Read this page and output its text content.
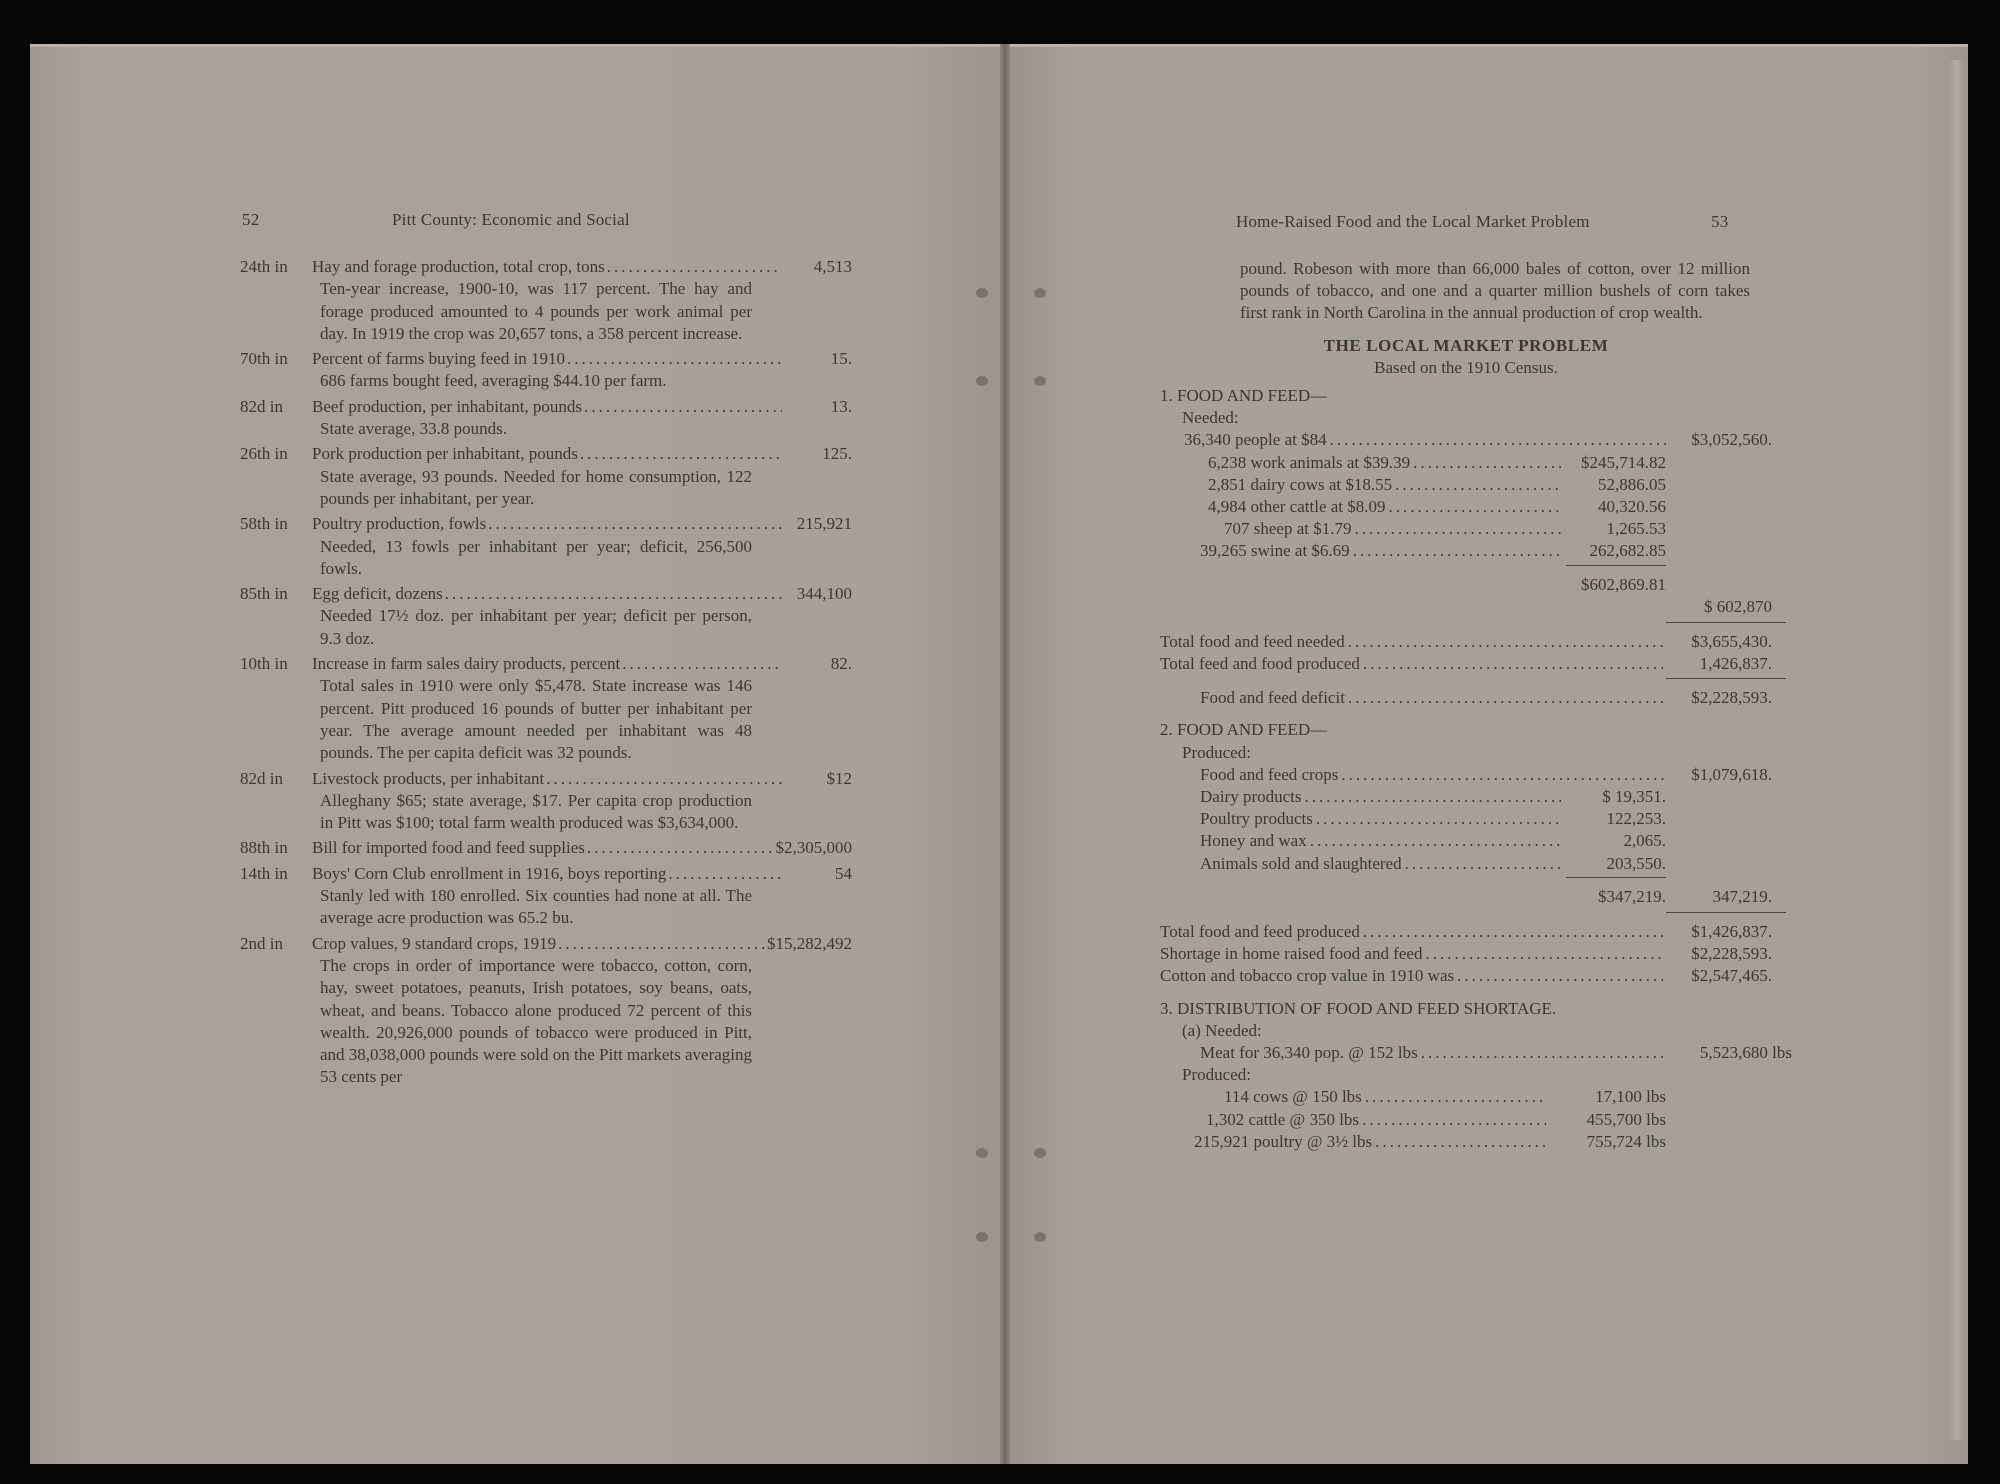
52	Pitt County: Economic and Social
24th in	Hay and forage production, total crop, tons .....	4,513
Ten-year increase, 1900-10, was 117 percent. The hay and forage produced amounted to 4 pounds per work animal per day. In 1919 the crop was 20,657 tons, a 358 percent increase.
70th in	Percent of farms buying feed in 1910 .....	15.
686 farms bought feed, averaging $44.10 per farm.
82d in	Beef production, per inhabitant, pounds .....	13.
State average, 33.8 pounds.
26th in	Pork production per inhabitant, pounds .....	125.
State average, 93 pounds. Needed for home consumption, 122 pounds per inhabitant, per year.
58th in	Poultry production, fowls .....	215,921
Needed, 13 fowls per inhabitant per year; deficit, 256,500 fowls.
85th in	Egg deficit, dozens .....	344,100
Needed 17½ doz. per inhabitant per year; deficit per person, 9.3 doz.
10th in	Increase in farm sales dairy products, percent .....	82.
Total sales in 1910 were only $5,478. State increase was 146 percent. Pitt produced 16 pounds of butter per inhabitant per year. The average amount needed per inhabitant was 48 pounds. The per capita deficit was 32 pounds.
82d in	Livestock products, per inhabitant .....	$12
Alleghany $65; state average, $17. Per capita crop production in Pitt was $100; total farm wealth produced was $3,634,000.
88th in	Bill for imported food and feed supplies .....	$2,305,000
14th in	Boys' Corn Club enrollment in 1916, boys reporting .....	54
Stanly led with 180 enrolled. Six counties had none at all. The average acre production was 65.2 bu.
2nd in	Crop values, 9 standard crops, 1919 .....	$15,282,492
The crops in order of importance were tobacco, cotton, corn, hay, sweet potatoes, peanuts, Irish potatoes, soy beans, oats, wheat, and beans. Tobacco alone produced 72 percent of this wealth. 20,926,000 pounds of tobacco were produced in Pitt, and 38,038,000 pounds were sold on the Pitt markets averaging 53 cents per
Home-Raised Food and the Local Market Problem	53
pound. Robeson with more than 66,000 bales of cotton, over 12 million pounds of tobacco, and one and a quarter million bushels of corn takes first rank in North Carolina in the annual production of crop wealth.
THE LOCAL MARKET PROBLEM
Based on the 1910 Census.
1. FOOD AND FEED—
Needed:
36,340 people at $84 .....	$3,052,560.
6,238 work animals at $39.39 .....	$245,714.82
2,851 dairy cows at $18.55 .....	52,886.05
4,984 other cattle at $8.09 .....	40,320.56
707 sheep at $1.79 .....	1,265.53
39,265 swine at $6.69 .....	262,682.85
$602,869.81
$ 602,870
Total food and feed needed .....	$3,655,430.
Total feed and food produced .....	1,426,837.
Food and feed deficit .....	$2,228,593.
2. FOOD AND FEED—
Produced:
Food and feed crops .....	$1,079,618.
Dairy products .....	$ 19,351.
Poultry products .....	122,253.
Honey and wax .....	2,065.
Animals sold and slaughtered .....	203,550.
$347,219.	347,219.
Total food and feed produced .....	$1,426,837.
Shortage in home raised food and feed .....	$2,228,593.
Cotton and tobacco crop value in 1910 was .....	$2,547,465.
3. DISTRIBUTION OF FOOD AND FEED SHORTAGE.
(a) Needed:
Meat for 36,340 pop. @ 152 lbs .....	5,523,680 lbs
Produced:
114 cows @ 150 lbs .....	17,100 lbs
1,302 cattle @ 350 lbs .....	455,700 lbs
215,921 poultry @ 3½ lbs .....	755,724 lbs
